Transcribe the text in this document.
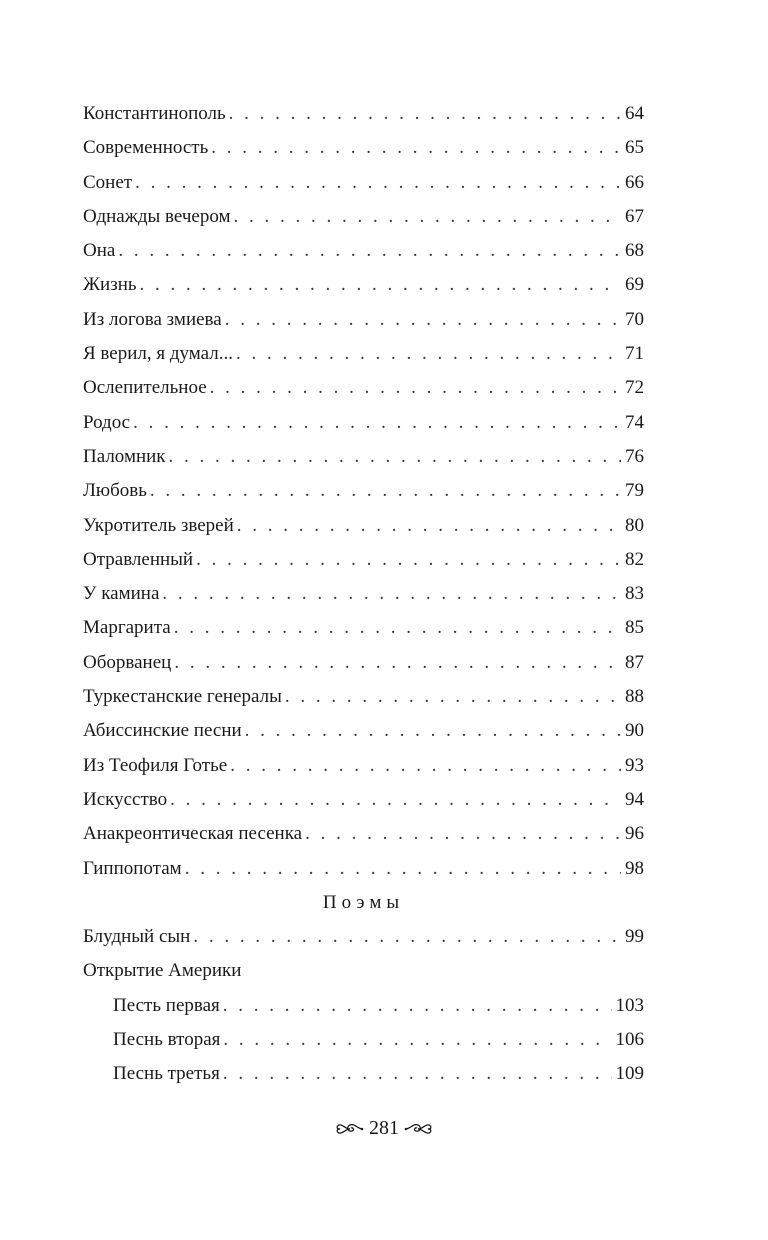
Константинополь . . .	64
Современность . . .	65
Сонет . . .	66
Однажды вечером . . .	67
Она . . .	68
Жизнь . . .	69
Из логова змиева . . .	70
Я верил, я думал... . . .	71
Ослепительное . . .	72
Родос . . .	74
Паломник . . .	76
Любовь . . .	79
Укротитель зверей . . .	80
Отравленный . . .	82
У камина . . .	83
Маргарита . . .	85
Оборванец . . .	87
Туркестанские генералы . . .	88
Абиссинские песни . . .	90
Из Теофиля Готье . . .	93
Искусство . . .	94
Анакреонтическая песенка . . .	96
Гиппопотам . . .	98
Поэмы
Блудный сын . . .	99
Открытие Америки
Песть первая . . .	103
Песнь вторая . . .	106
Песнь третья . . .	109
281
